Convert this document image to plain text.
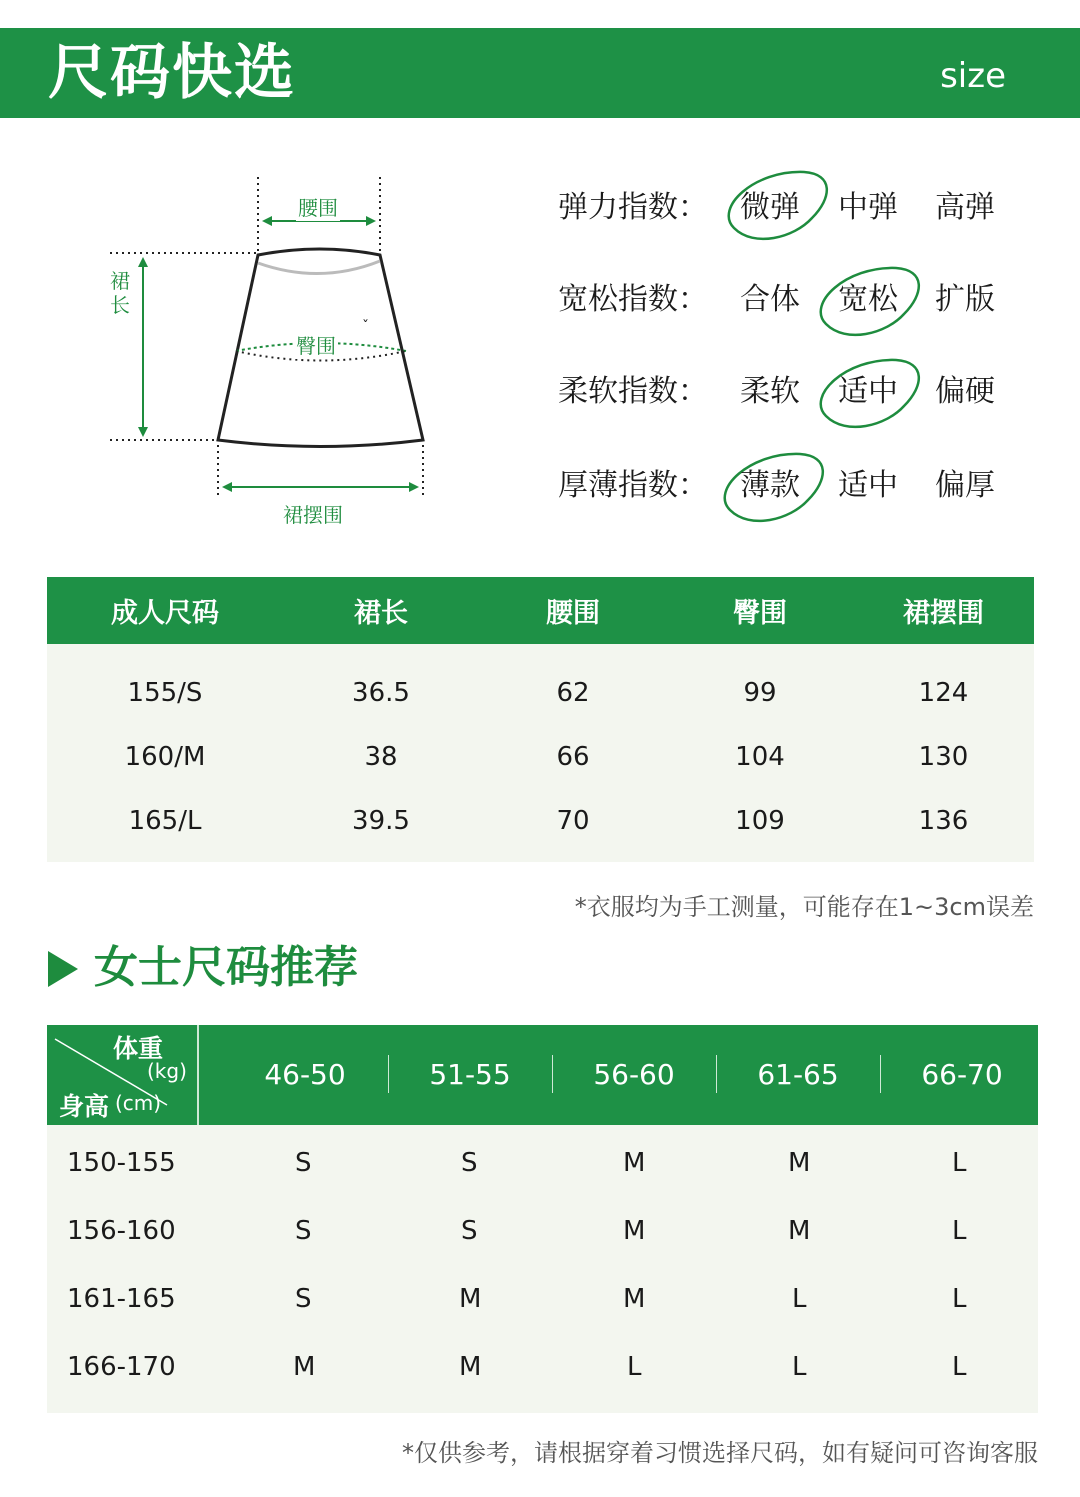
尺码快选	size
ˇ
腰围
裙长
臀围
裙摆围
弹力指数： 微弹 中弹 高弹
宽松指数： 合体 宽松 扩版
柔软指数： 柔软 适中 偏硬
厚薄指数： 薄款 适中 偏厚
成人尺码	裙长	腰围	臀围	裙摆围
155/S	36.5	62	99	124
160/M	38	66	104	130
165/L	39.5	70	109	136
*衣服均为手工测量，可能存在1~3cm误差
女士尺码推荐
体重
(kg)
身高 (cm)
46-50	51-55	56-60	61-65	66-70
150-155	S	S	M	M	L
156-160	S	S	M	M	L
161-165	S	M	M	L	L
166-170	M	M	L	L	L
*仅供参考，请根据穿着习惯选择尺码，如有疑问可咨询客服
